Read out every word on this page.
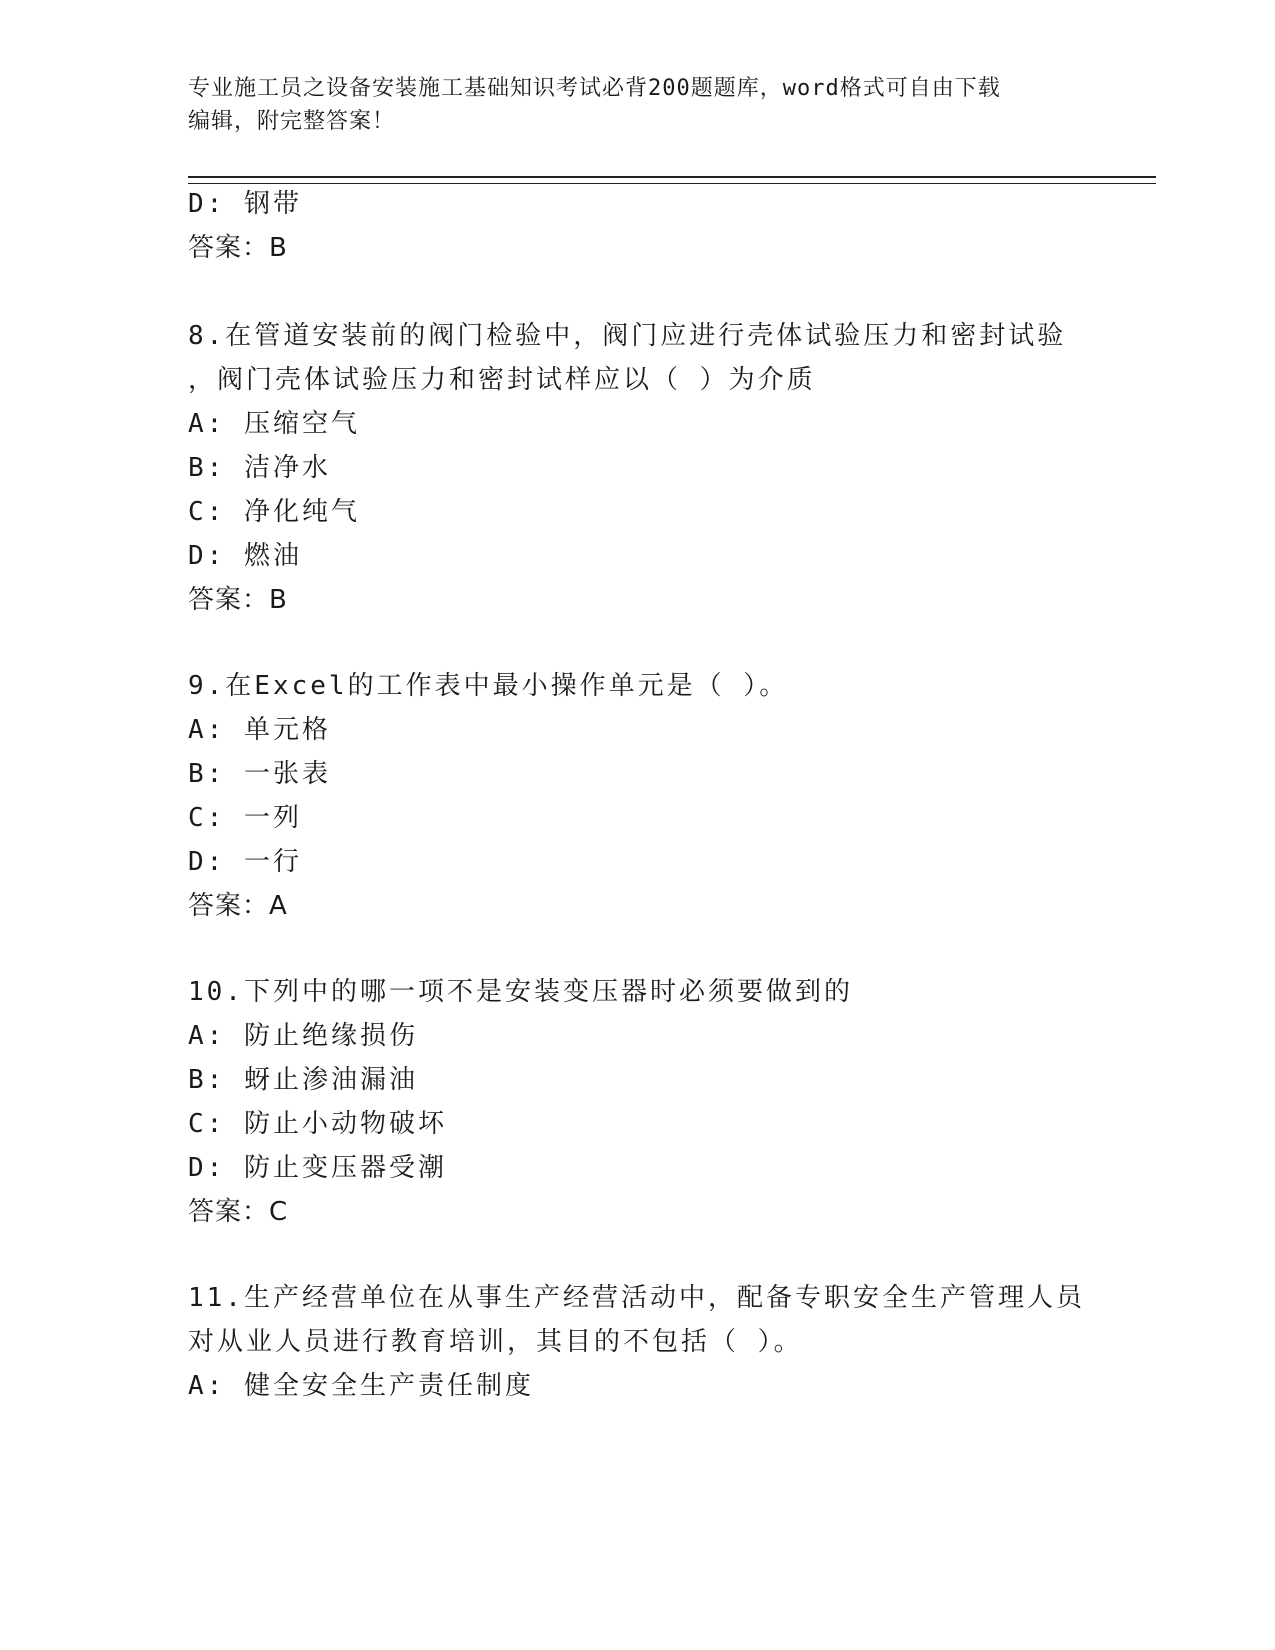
专业施工员之设备安装施工基础知识考试必背200题题库，word格式可自由下载
编辑，附完整答案！
D: 钢带
答案：B
8.在管道安装前的阀门检验中，阀门应进行壳体试验压力和密封试验
，阀门壳体试验压力和密封试样应以（ ）为介质
A: 压缩空气
B: 洁净水
C: 净化纯气
D: 燃油
答案：B
9.在Excel的工作表中最小操作单元是（ ）。
A: 单元格
B: 一张表
C: 一列
D: 一行
答案：A
10.下列中的哪一项不是安装变压器时必须要做到的
A: 防止绝缘损伤
B: 蚜止渗油漏油
C: 防止小动物破坏
D: 防止变压器受潮
答案：C
11.生产经营单位在从事生产经营活动中，配备专职安全生产管理人员
对从业人员进行教育培训，其目的不包括（ ）。
A: 健全安全生产责任制度
